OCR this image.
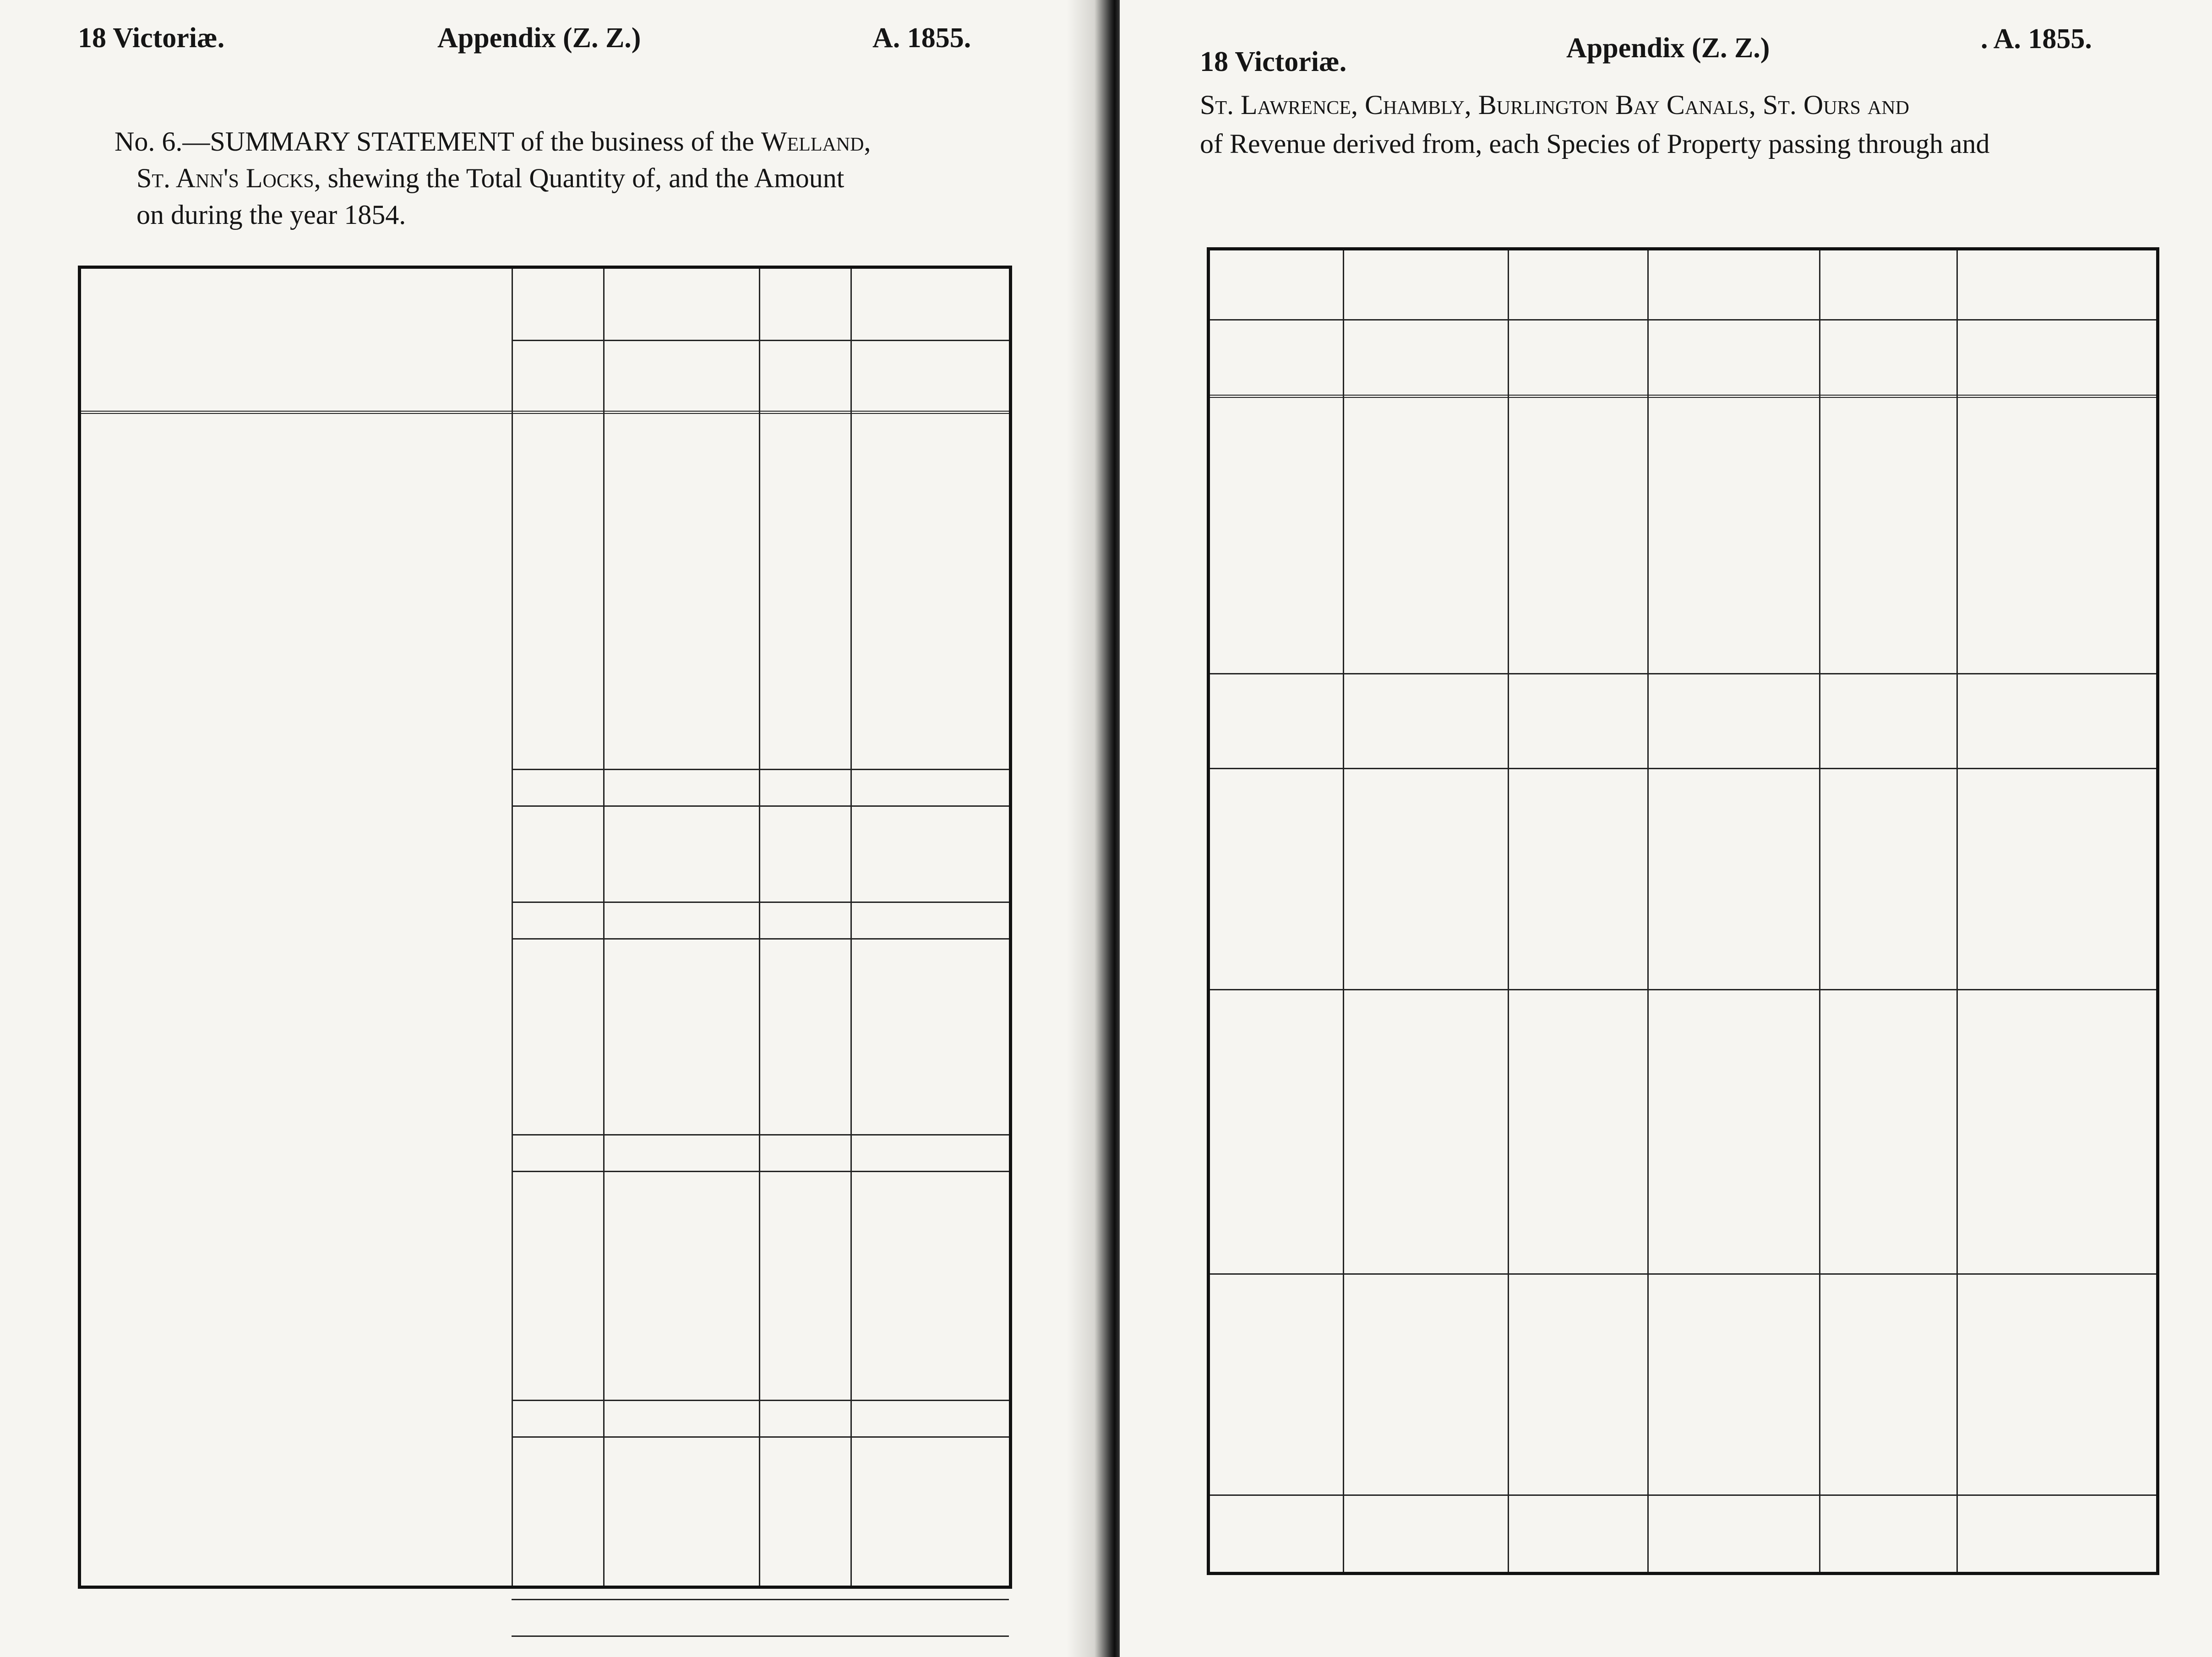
18 Victoriæ.	Appendix (Z. Z.)	A. 1855.
No. 6.—SUMMARY STATEMENT of the business of the Welland,
St. Ann's Locks, shewing the Total Quantity of, and the Amount
on during the year 1854.
18 Victoriæ.	Appendix (Z. Z.)	. A. 1855.
St. Lawrence, Chambly, Burlington Bay Canals, St. Ours and
of Revenue derived from, each Species of Property passing through and
